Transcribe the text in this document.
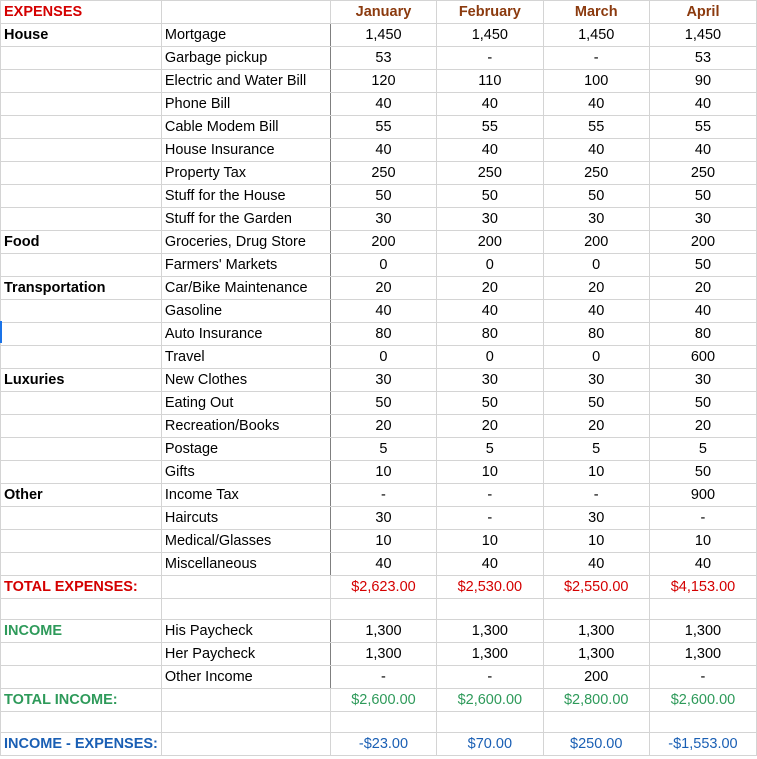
EXPENSES		January	February	March	April
House	Mortgage	1,450	1,450	1,450	1,450
	Garbage pickup	53	-	-	53
	Electric and Water Bill	120	110	100	90
	Phone Bill	40	40	40	40
	Cable Modem Bill	55	55	55	55
	House Insurance	40	40	40	40
	Property Tax	250	250	250	250
	Stuff for the House	50	50	50	50
	Stuff for the Garden	30	30	30	30
Food	Groceries, Drug Store	200	200	200	200
	Farmers' Markets	0	0	0	50
Transportation	Car/Bike Maintenance	20	20	20	20
	Gasoline	40	40	40	40
	Auto Insurance	80	80	80	80
	Travel	0	0	0	600
Luxuries	New Clothes	30	30	30	30
	Eating Out	50	50	50	50
	Recreation/Books	20	20	20	20
	Postage	5	5	5	5
	Gifts	10	10	10	50
Other	Income Tax	-	-	-	900
	Haircuts	30	-	30	-
	Medical/Glasses	10	10	10	10
	Miscellaneous	40	40	40	40
TOTAL EXPENSES:		$2,623.00	$2,530.00	$2,550.00	$4,153.00

INCOME	His Paycheck	1,300	1,300	1,300	1,300
	Her Paycheck	1,300	1,300	1,300	1,300
	Other Income	-	-	200	-
TOTAL INCOME:		$2,600.00	$2,600.00	$2,800.00	$2,600.00

INCOME - EXPENSES:		-$23.00	$70.00	$250.00	-$1,553.00
